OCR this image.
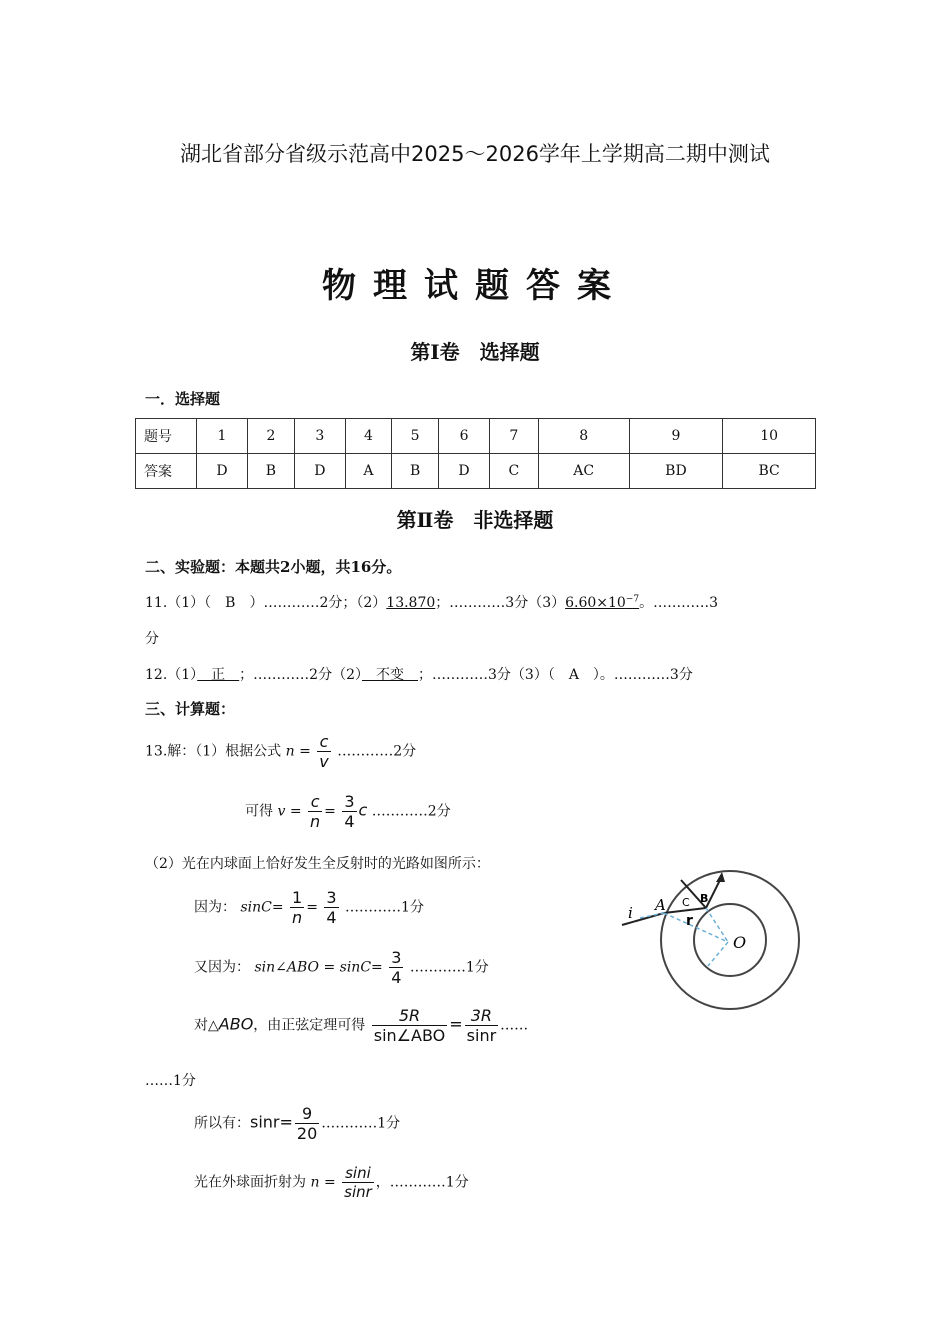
湖北省部分省级示范高中2025～2026学年上学期高二期中测试
物理试题答案
第Ⅰ卷　选择题
一．选择题
题号	1	2	3	4	5	6	7	8	9	10
答案	D	B	D	A	B	D	C	AC	BD	BC
第Ⅱ卷　非选择题
二、实验题：本题共2小题，共16分。
11.（1）（　B　）…………2分；（2）13.870；…………3分$(3)6.60\times 10^{-7}$。…………3
分
12.（1）　正　；…………2分（2）　不变　；…………3分（3）（　A　）。…………3分
三、计算题：
13.解：（1）根据公式 $n = \frac{c}{v}$ …………2分
可得 $v = \frac{c}{n} = \frac{3}{4}$ c …………2分
（2）光在内球面上恰好发生全反射时的光路如图所示：
因为： $\sin C= \frac{1}{n} = \frac{3}{4}$ …………1分
又因为： sin∠ABO = $\sin C= \frac{3}{4}$ …………1分
对△ABO，由正弦定理可得 $\frac{5R}{\text{sin∠ABO}} = \frac{3R}{\sin r}$ ……
……1分
所以有：$\sin r= \frac{9}{20}$ …………1分
光在外球面折射为 $n = \frac{\sin i}{\sin r}$ ，…………1分
i A C B
r
O
